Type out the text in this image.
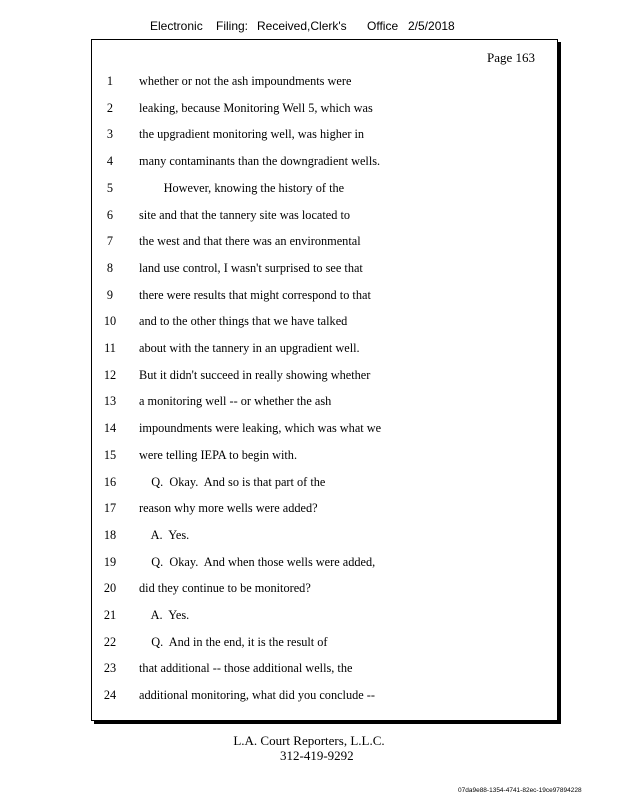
Electronic Filing: Received,Clerk's Office 2/5/2018
Page 163
1	whether or not the ash impoundments were
2	leaking, because Monitoring Well 5, which was
3	the upgradient monitoring well, was higher in
4	many contaminants than the downgradient wells.
5	However, knowing the history of the
6	site and that the tannery site was located to
7	the west and that there was an environmental
8	land use control, I wasn't surprised to see that
9	there were results that might correspond to that
10	and to the other things that we have talked
11	about with the tannery in an upgradient well.
12	But it didn't succeed in really showing whether
13	a monitoring well -- or whether the ash
14	impoundments were leaking, which was what we
15	were telling IEPA to begin with.
16	Q.  Okay.  And so is that part of the
17	reason why more wells were added?
18	A.  Yes.
19	Q.  Okay.  And when those wells were added,
20	did they continue to be monitored?
21	A.  Yes.
22	Q.  And in the end, it is the result of
23	that additional -- those additional wells, the
24	additional monitoring, what did you conclude --
L.A. Court Reporters, L.L.C.
312-419-9292
07da9e88-1354-4741-82ec-19ce97894228
